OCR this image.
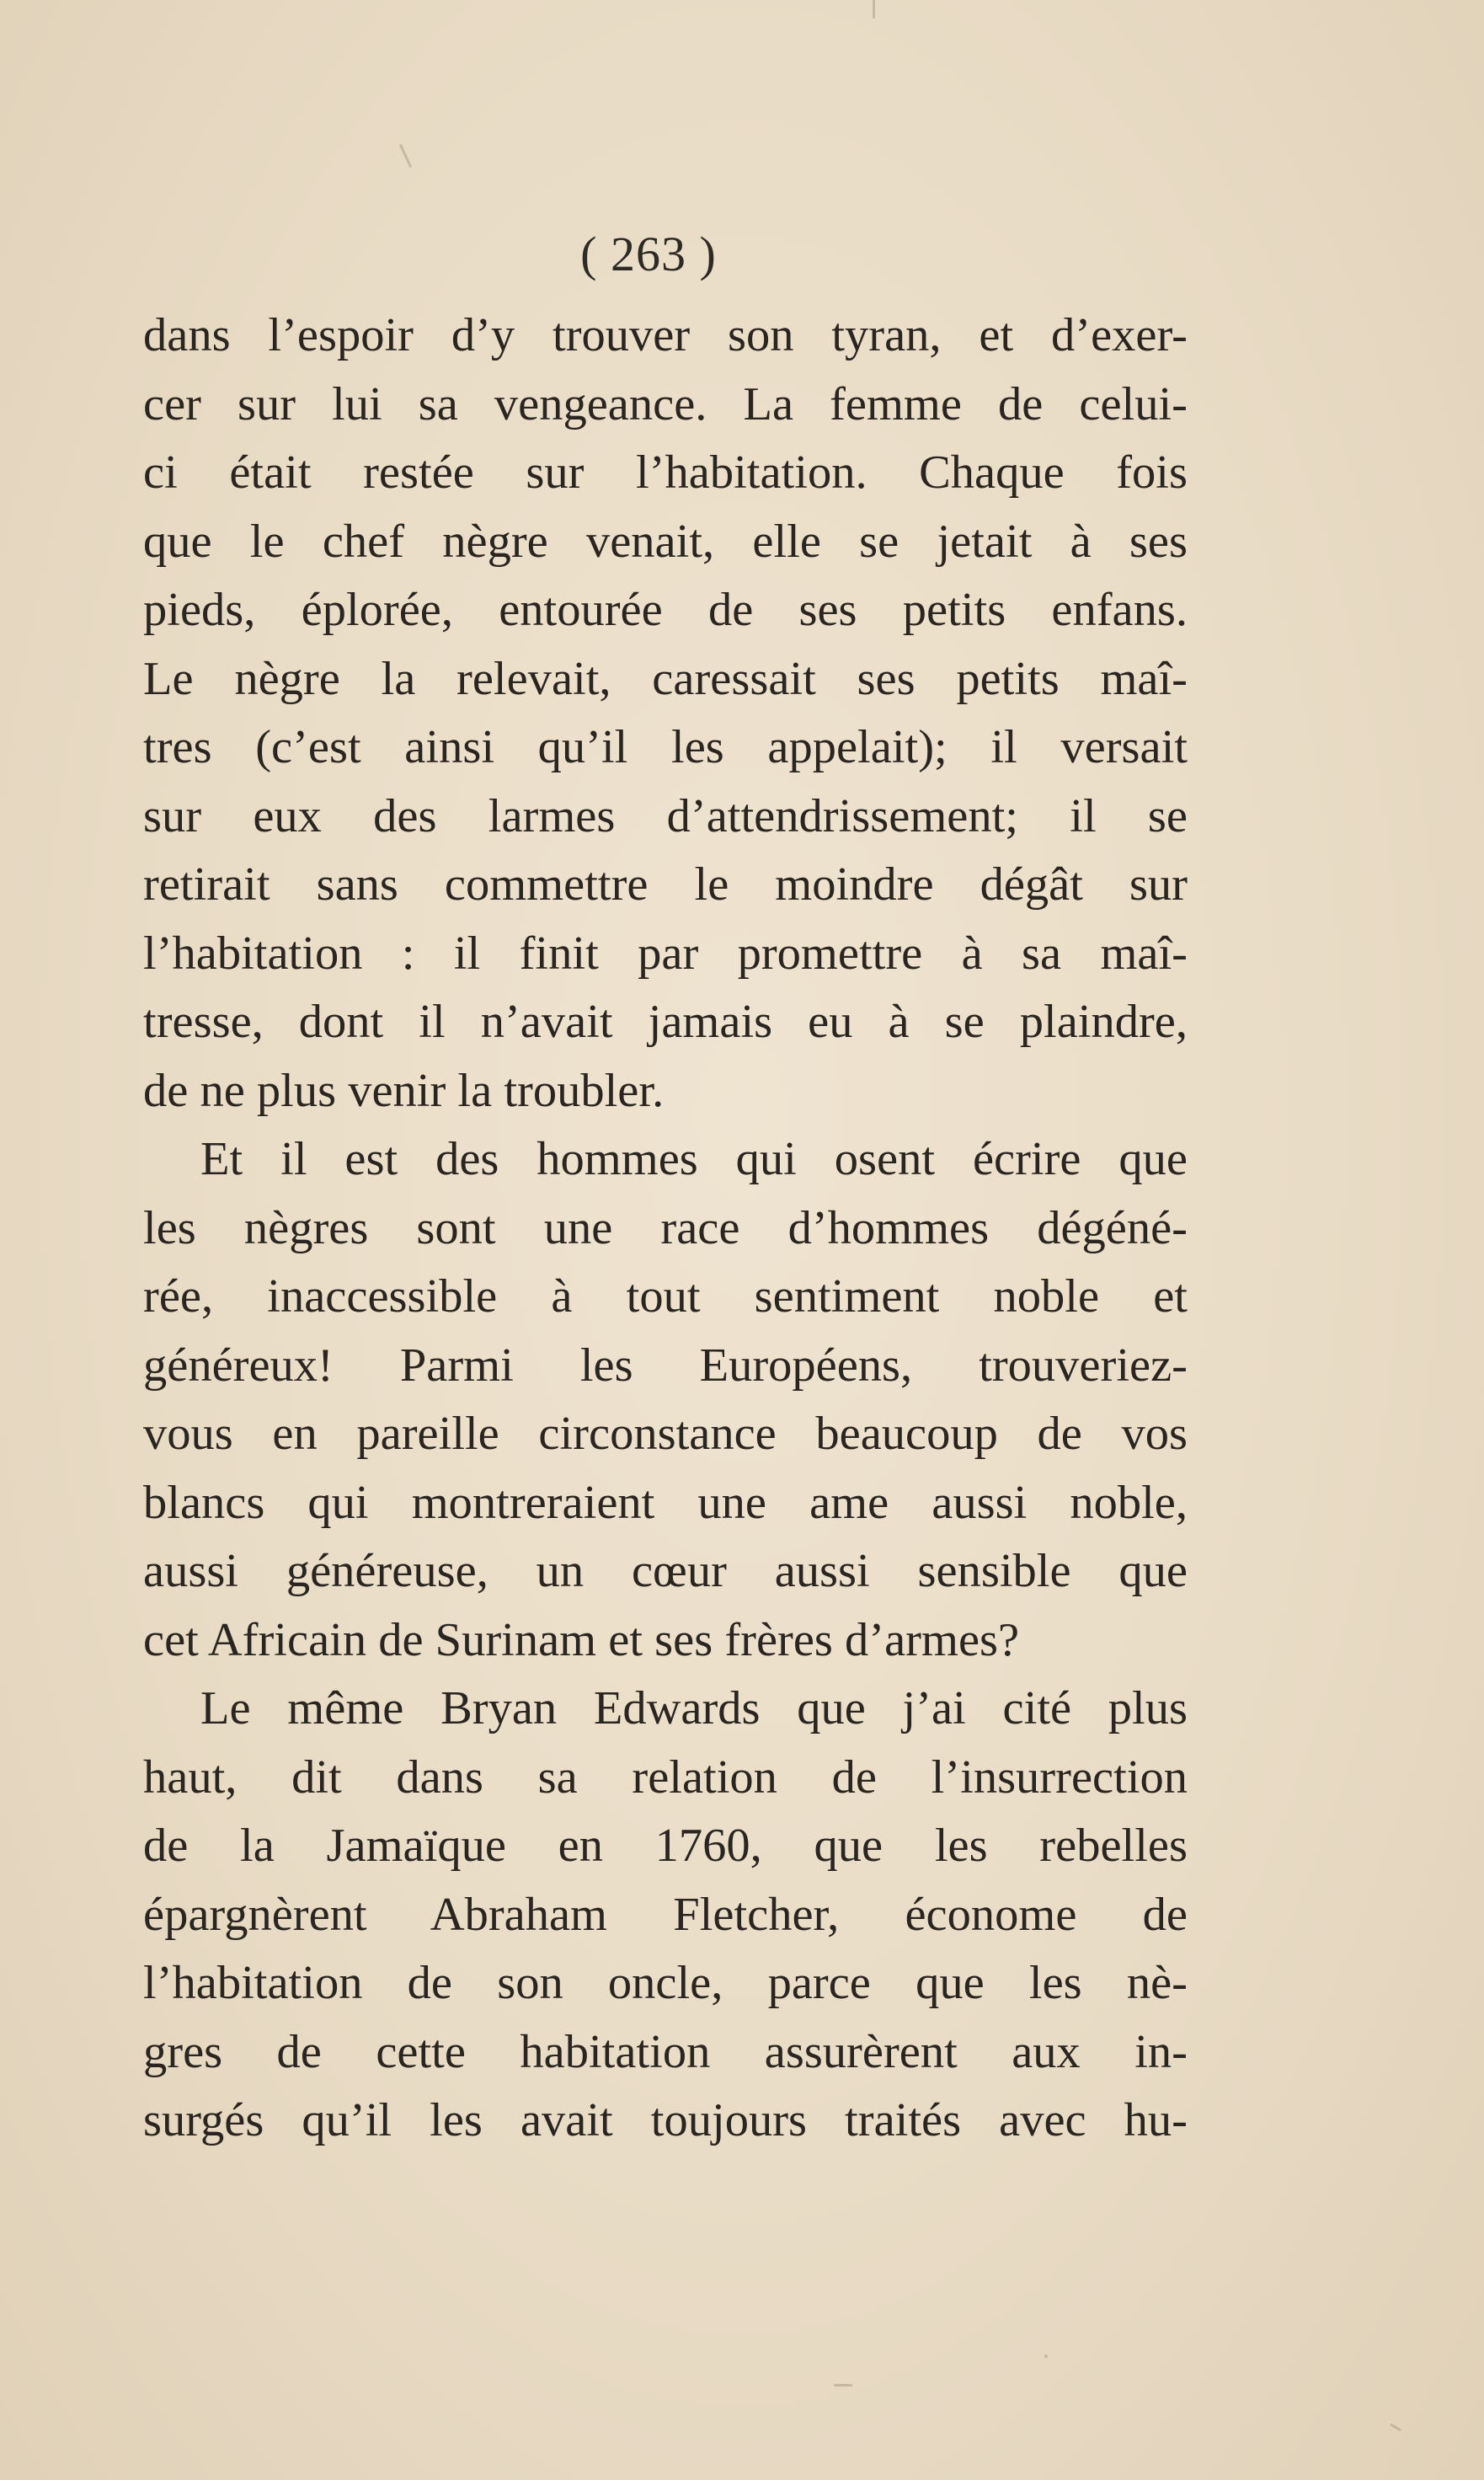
( 263 )
dans l’espoir d’y trouver son tyran, et d’exer-
cer sur lui sa vengeance. La femme de celui-
ci était restée sur l’habitation. Chaque fois
que le chef nègre venait, elle se jetait à ses
pieds, éplorée, entourée de ses petits enfans.
Le nègre la relevait, caressait ses petits maî-
tres (c’est ainsi qu’il les appelait); il versait
sur eux des larmes d’attendrissement; il se
retirait sans commettre le moindre dégât sur
l’habitation : il finit par promettre à sa maî-
tresse, dont il n’avait jamais eu à se plaindre,
de ne plus venir la troubler.
Et il est des hommes qui osent écrire que
les nègres sont une race d’hommes dégéné-
rée, inaccessible à tout sentiment noble et
généreux! Parmi les Européens, trouveriez-
vous en pareille circonstance beaucoup de vos
blancs qui montreraient une ame aussi noble,
aussi généreuse, un cœur aussi sensible que
cet Africain de Surinam et ses frères d’armes?
Le même Bryan Edwards que j’ai cité plus
haut, dit dans sa relation de l’insurrection
de la Jamaïque en 1760, que les rebelles
épargnèrent Abraham Fletcher, économe de
l’habitation de son oncle, parce que les nè-
gres de cette habitation assurèrent aux in-
surgés qu’il les avait toujours traités avec hu-
